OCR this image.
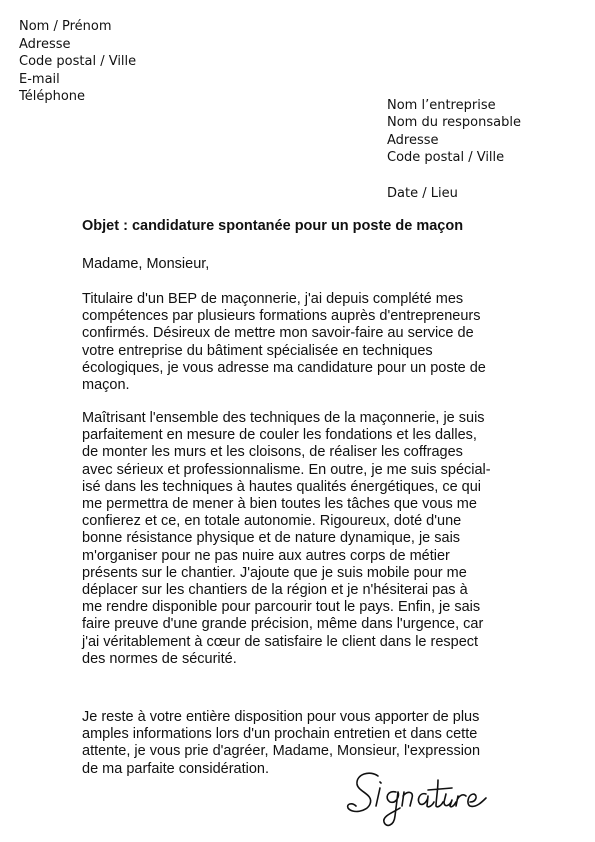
Nom / Prénom
Adresse
Code postal / Ville
E-mail
Téléphone
Nom l’entreprise
Nom du responsable
Adresse
Code postal / Ville
Date / Lieu
Objet : candidature spontanée pour un poste de maçon
Madame, Monsieur,
Titulaire d'un BEP de maçonnerie, j'ai depuis complété mes
compétences par plusieurs formations auprès d'entrepreneurs
confirmés. Désireux de mettre mon savoir-faire au service de
votre entreprise du bâtiment spécialisée en techniques
écologiques, je vous adresse ma candidature pour un poste de
maçon.
Maîtrisant l'ensemble des techniques de la maçonnerie, je suis
parfaitement en mesure de couler les fondations et les dalles,
de monter les murs et les cloisons, de réaliser les coffrages
avec sérieux et professionnalisme. En outre, je me suis spécial-
isé dans les techniques à hautes qualités énergétiques, ce qui
me permettra de mener à bien toutes les tâches que vous me
confierez et ce, en totale autonomie. Rigoureux, doté d'une
bonne résistance physique et de nature dynamique, je sais
m'organiser pour ne pas nuire aux autres corps de métier
présents sur le chantier. J'ajoute que je suis mobile pour me
déplacer sur les chantiers de la région et je n'hésiterai pas à
me rendre disponible pour parcourir tout le pays. Enfin, je sais
faire preuve d'une grande précision, même dans l'urgence, car
j'ai véritablement à cœur de satisfaire le client dans le respect
des normes de sécurité.
Je reste à votre entière disposition pour vous apporter de plus
amples informations lors d'un prochain entretien et dans cette
attente, je vous prie d'agréer, Madame, Monsieur, l'expression
de ma parfaite considération.
